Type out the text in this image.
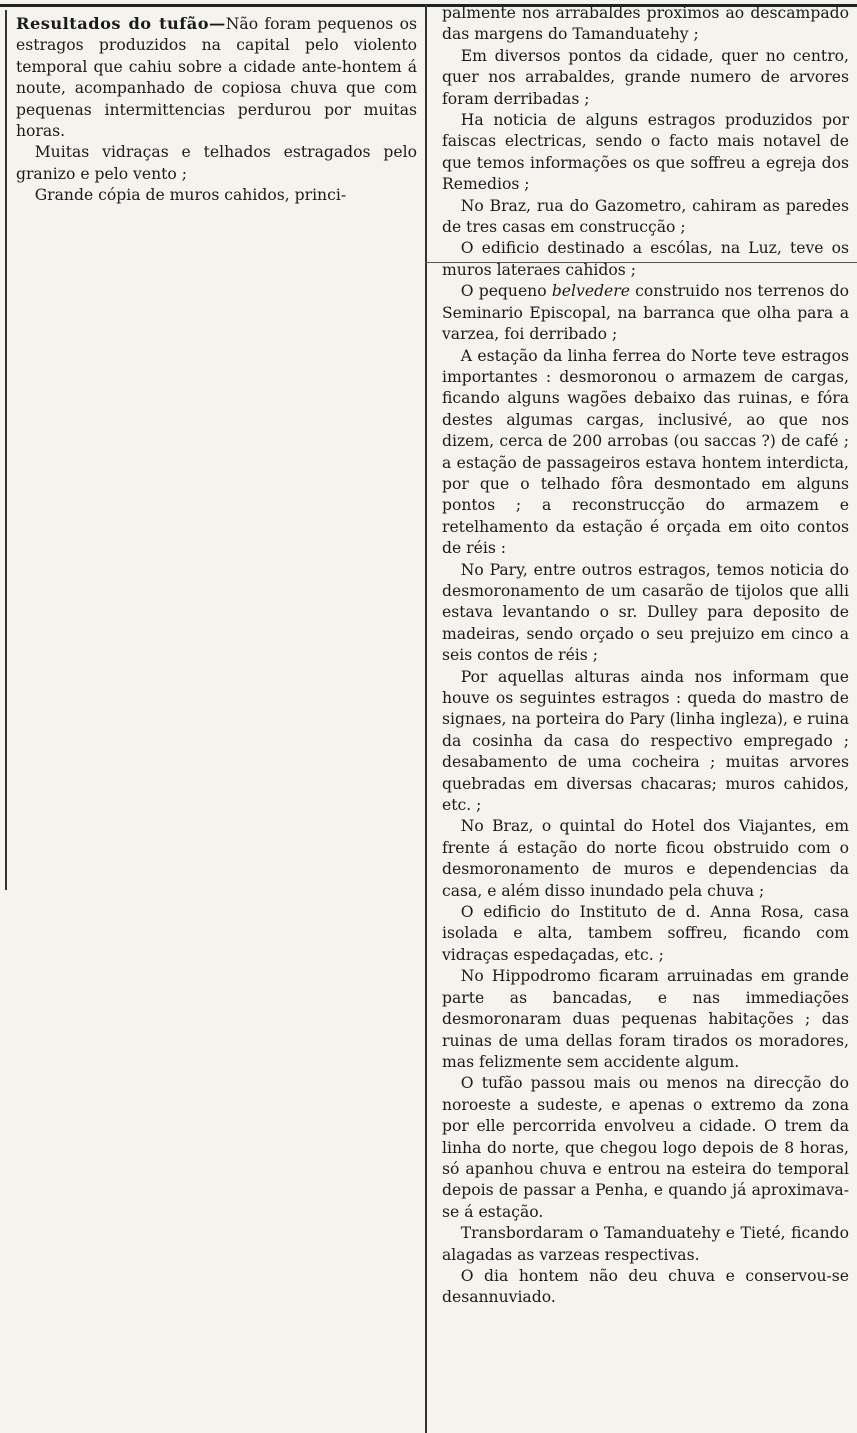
Resultados do tufão—Não foram pequenos os estragos produzidos na capital pelo violento temporal que cahiu sobre a cidade ante-hontem á noute, acompanhado de copiosa chuva que com pequenas intermittencias perdurou por muitas horas.

Muitas vidraças e telhados estragados pelo granizo e pelo vento ;

Grande cópia de muros cahidos, princi-

palmente nos arrabaldes proximos ao descampado das margens do Tamanduatehy ;

Em diversos pontos da cidade, quer no centro, quer nos arrabaldes, grande numero de arvores foram derribadas ;

Ha noticia de alguns estragos produzidos por faiscas electricas, sendo o facto mais notavel de que temos informações os que soffreu a egreja dos Remedios ;

No Braz, rua do Gazometro, cahiram as paredes de tres casas em construcção ;

O edificio destinado a escólas, na Luz, teve os muros lateraes cahidos ;

O pequeno belvedere construido nos terrenos do Seminario Episcopal, na barranca que olha para a varzea, foi derribado ;

A estação da linha ferrea do Norte teve estragos importantes : desmoronou o armazem de cargas, ficando alguns wagões debaixo das ruinas, e fóra destes algumas cargas, inclusivé, ao que nos dizem, cerca de 200 arrobas (ou saccas ?) de café ; a estação de passageiros estava hontem interdicta, por que o telhado fôra desmontado em alguns pontos ; a reconstrucção do armazem e retelhamento da estação é orçada em oito contos de réis :

No Pary, entre outros estragos, temos noticia do desmoronamento de um casarão de tijolos que alli estava levantando o sr. Dulley para deposito de madeiras, sendo orçado o seu prejuizo em cinco a seis contos de réis ;

Por aquellas alturas ainda nos informam que houve os seguintes estragos : queda do mastro de signaes, na porteira do Pary (linha ingleza), e ruina da cosinha da casa do respectivo empregado ; desabamento de uma cocheira ; muitas arvores quebradas em diversas chacaras; muros cahidos, etc. ;

No Braz, o quintal do Hotel dos Viajantes, em frente á estação do norte ficou obstruido com o desmoronamento de muros e dependencias da casa, e além disso inundado pela chuva ;

O edificio do Instituto de d. Anna Rosa, casa isolada e alta, tambem soffreu, ficando com vidraças espedaçadas, etc. ;

No Hippodromo ficaram arruinadas em grande parte as bancadas, e nas immediações desmoronaram duas pequenas habitações ; das ruinas de uma dellas foram tirados os moradores, mas felizmente sem accidente algum.

O tufão passou mais ou menos na direcção do noroeste a sudeste, e apenas o extremo da zona por elle percorrida envolveu a cidade. O trem da linha do norte, que chegou logo depois de 8 horas, só apanhou chuva e entrou na esteira do temporal depois de passar a Penha, e quando já aproximava-se á estação.

Transbordaram o Tamanduatehy e Tieté, ficando alagadas as varzeas respectivas.

O dia hontem não deu chuva e conservou-se desannuviado.
